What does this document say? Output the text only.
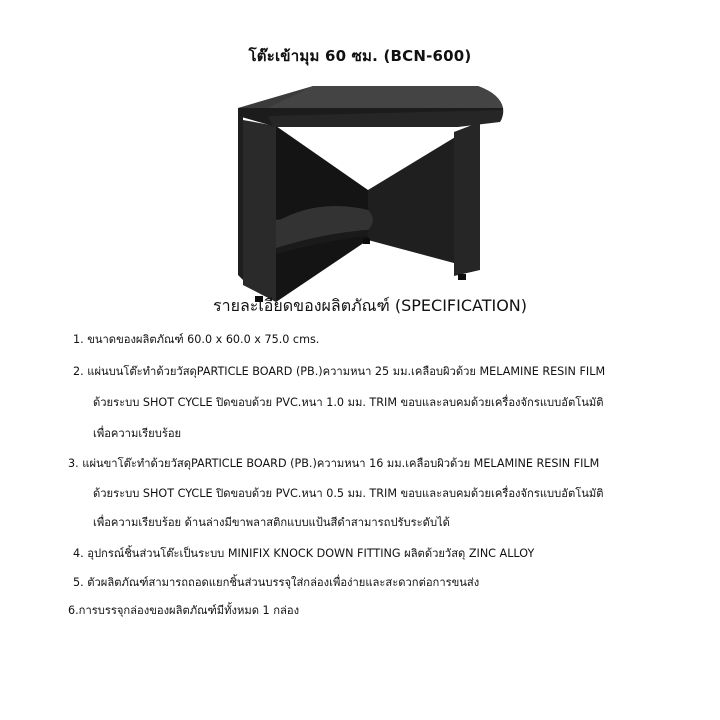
โต๊ะเข้ามุม 60 ซม. (BCN-600)
รายละเอียดของผลิตภัณฑ์ (SPECIFICATION)
1. ขนาดของผลิตภัณฑ์ 60.0 x 60.0 x 75.0 cms.
2. แผ่นบนโต๊ะทำด้วยวัสดุPARTICLE BOARD (PB.)ความหนา 25 มม.เคลือบผิวด้วย MELAMINE RESIN FILM
ด้วยระบบ SHOT CYCLE ปิดขอบด้วย PVC.หนา 1.0 มม. TRIM ขอบและลบคมด้วยเครื่องจักรแบบอัตโนมัติ
เพื่อความเรียบร้อย
3. แผ่นขาโต๊ะทำด้วยวัสดุPARTICLE BOARD (PB.)ความหนา 16 มม.เคลือบผิวด้วย MELAMINE RESIN FILM
ด้วยระบบ SHOT CYCLE ปิดขอบด้วย PVC.หนา 0.5 มม. TRIM ขอบและลบคมด้วยเครื่องจักรแบบอัตโนมัติ
เพื่อความเรียบร้อย ด้านล่างมีขาพลาสติกแบบแป้นสีดำสามารถปรับระดับได้
4. อุปกรณ์ชิ้นส่วนโต๊ะเป็นระบบ MINIFIX KNOCK DOWN FITTING ผลิตด้วยวัสดุ ZINC ALLOY
5. ตัวผลิตภัณฑ์สามารถถอดแยกชิ้นส่วนบรรจุใส่กล่องเพื่อง่ายและสะดวกต่อการขนส่ง
6.การบรรจุกล่องของผลิตภัณฑ์มีทั้งหมด 1 กล่อง
